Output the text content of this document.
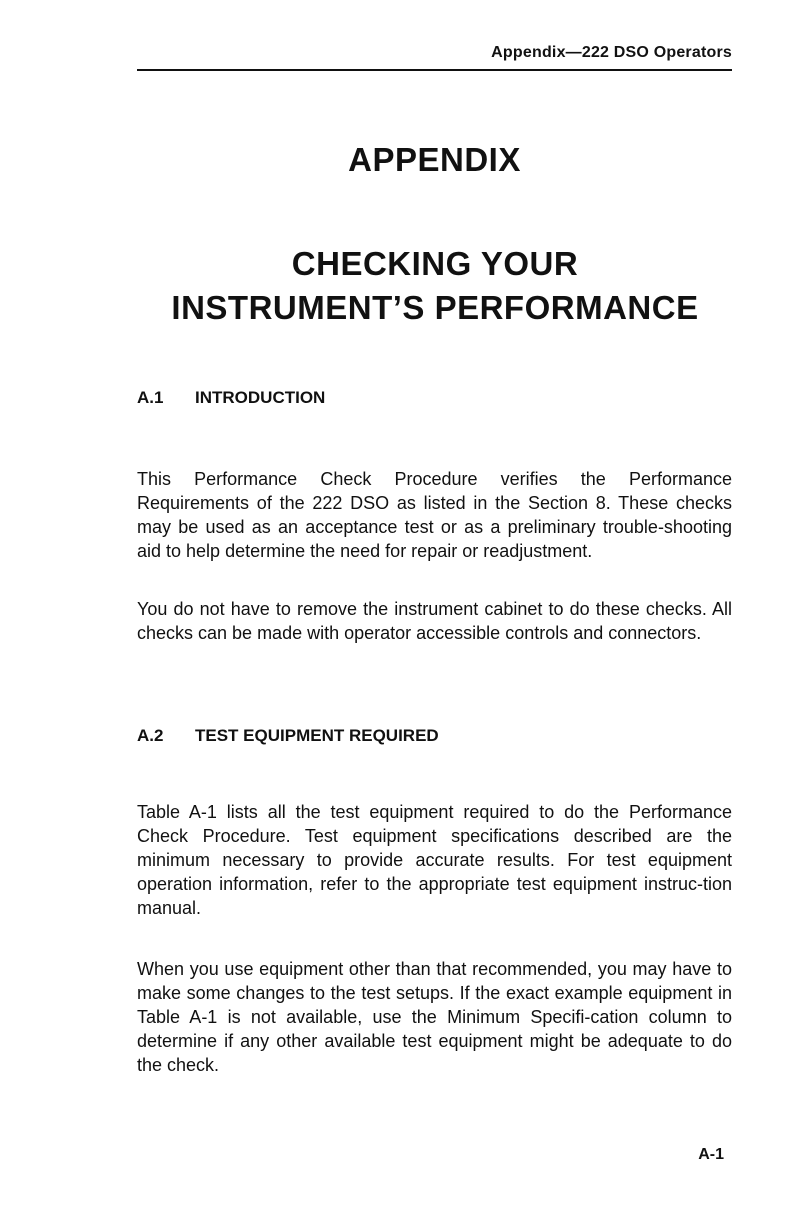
Appendix—222 DSO Operators
APPENDIX
CHECKING YOUR
INSTRUMENT’S PERFORMANCE
A.1 INTRODUCTION

This Performance Check Procedure verifies the Performance Requirements of the 222 DSO as listed in the Section 8. These checks may be used as an acceptance test or as a preliminary trouble-shooting aid to help determine the need for repair or readjustment.

You do not have to remove the instrument cabinet to do these checks. All checks can be made with operator accessible controls and connectors.

A.2 TEST EQUIPMENT REQUIRED

Table A-1 lists all the test equipment required to do the Performance Check Procedure. Test equipment specifications described are the minimum necessary to provide accurate results. For test equipment operation information, refer to the appropriate test equipment instruc-tion manual.

When you use equipment other than that recommended, you may have to make some changes to the test setups. If the exact example equipment in Table A-1 is not available, use the Minimum Specifi-cation column to determine if any other available test equipment might be adequate to do the check.

A-1
